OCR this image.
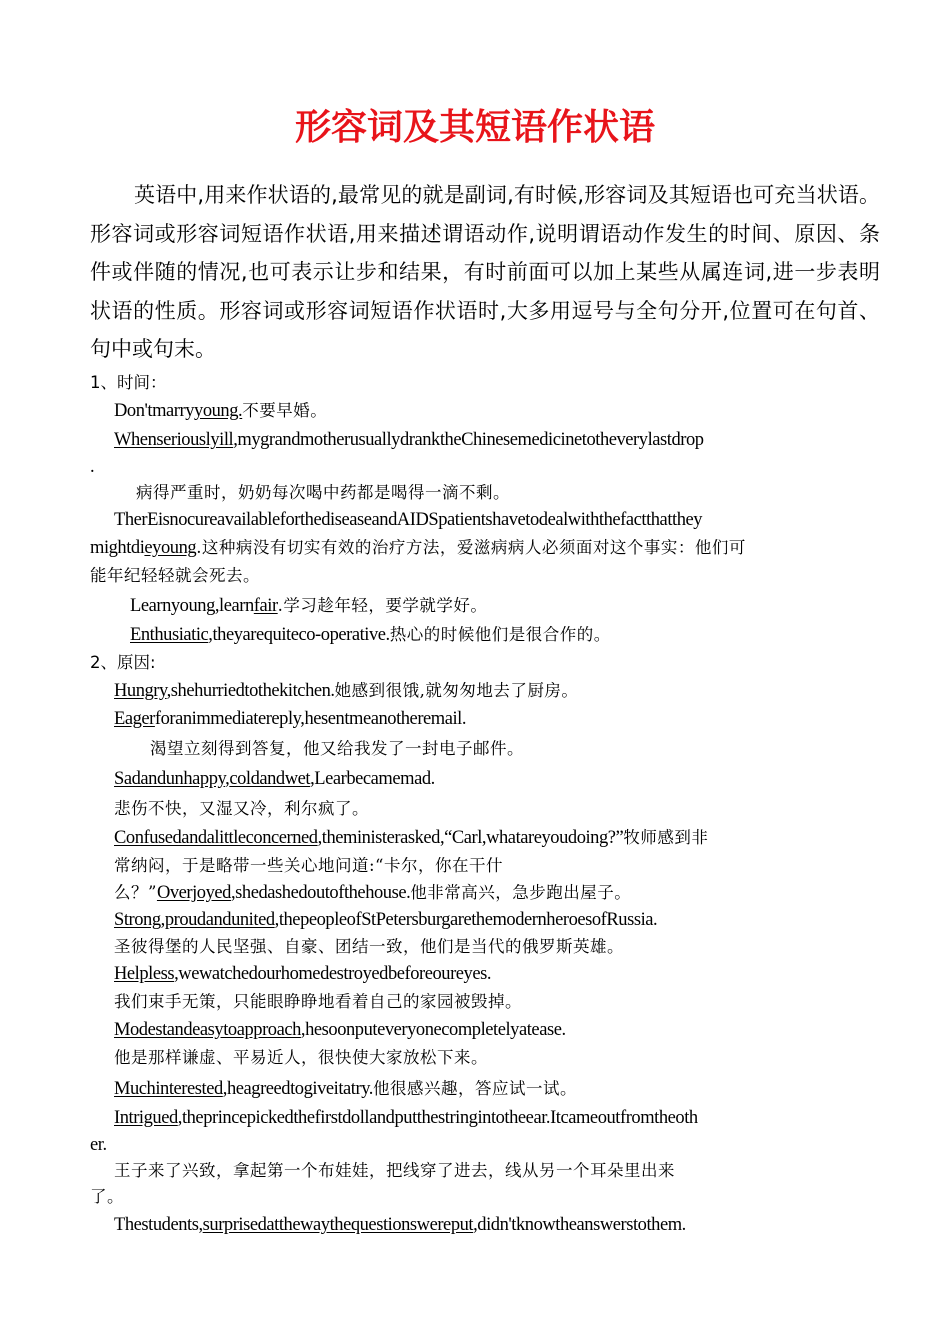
形容词及其短语作状语

英语中,用来作状语的,最常见的就是副词,有时候,形容词及其短语也可充当状语。形容词或形容词短语作状语,用来描述谓语动作,说明谓语动作发生的时间、原因、条件或伴随的情况,也可表示让步和结果，有时前面可以加上某些从属连词,进一步表明状语的性质。形容词或形容词短语作状语时,大多用逗号与全句分开,位置可在句首、句中或句末。

1、时间：
Don'tmarryyoung.不要早婚。
Whenseriouslyill,mygrandmotherusuallydranktheChinesemedicinetotheverylastdrop
.
病得严重时，奶奶每次喝中药都是喝得一滴不剩。
TherEisnocureavailableforthediseaseandAIDSpatientshavetodealwiththefactthatthey
mightdieyoung.这种病没有切实有效的治疗方法，爱滋病病人必须面对这个事实：他们可
能年纪轻轻就会死去。
Learnyoung,learnfair.学习趁年轻，要学就学好。
Enthusiatic,theyarequiteco-operative.热心的时候他们是很合作的。
2、原因:
Hungry,shehurriedtothekitchen.她感到很饿,就匆匆地去了厨房。
Eagerforanimmediatereply,hesentmeanotheremail.
渴望立刻得到答复，他又给我发了一封电子邮件。
Sadandunhappy,coldandwet,Learbecamemad.
悲伤不快，又湿又冷，利尔疯了。
Confusedandalittleconcerned,theministerasked,“Carl,whatareyoudoing?”牧师感到非
常纳闷，于是略带一些关心地问道:“卡尔，你在干什
么？”Overjoyed,shedashedoutofthehouse.他非常高兴，急步跑出屋子。
Strong,proudandunited,thepeopleofStPetersburgarethemodernheroesofRussia.
圣彼得堡的人民坚强、自豪、团结一致，他们是当代的俄罗斯英雄。
Helpless,wewatchedourhomedestroyedbeforeoureyes.
我们束手无策，只能眼睁睁地看着自己的家园被毁掉。
Modestandeasytoapproach,hesoonputeveryonecompletelyatease.
他是那样谦虚、平易近人，很快使大家放松下来。
Muchinterested,heagreedtogiveitatry.他很感兴趣，答应试一试。
Intrigued,theprincepickedthefirstdollandputthestringintotheear.Itcameoutfromtheoth
er.
王子来了兴致，拿起第一个布娃娃，把线穿了进去，线从另一个耳朵里出来
了。
Thestudents,surprisedatthewaythequestionswereput,didn'tknowtheanswerstothem.
